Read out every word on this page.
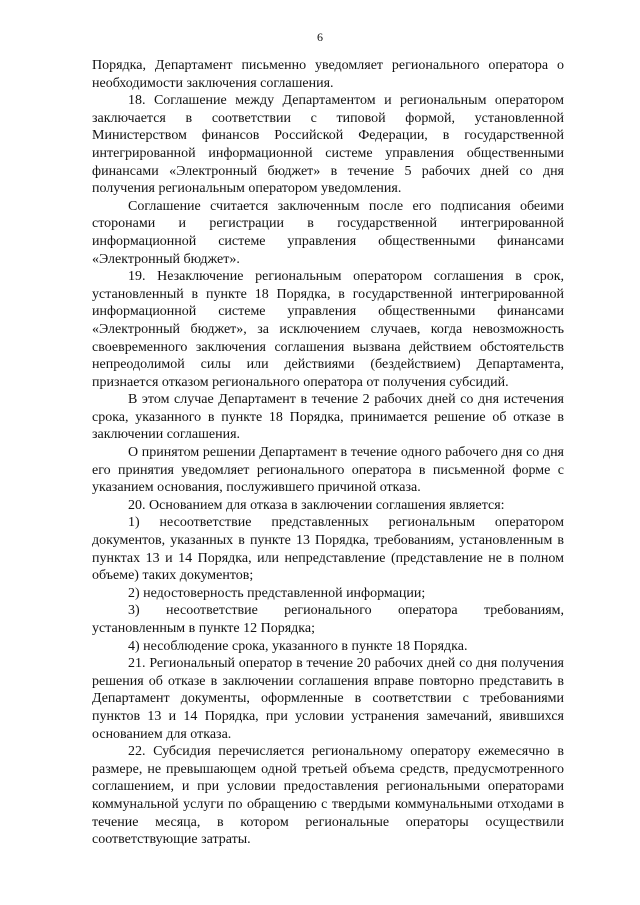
6

Порядка, Департамент письменно уведомляет регионального оператора о необходимости заключения соглашения.

18. Соглашение между Департаментом и региональным оператором заключается в соответствии с типовой формой, установленной Министерством финансов Российской Федерации, в государственной интегрированной информационной системе управления общественными финансами «Электронный бюджет» в течение 5 рабочих дней со дня получения региональным оператором уведомления.

Соглашение считается заключенным после его подписания обеими сторонами и регистрации в государственной интегрированной информационной системе управления общественными финансами «Электронный бюджет».

19. Незаключение региональным оператором соглашения в срок, установленный в пункте 18 Порядка, в государственной интегрированной информационной системе управления общественными финансами «Электронный бюджет», за исключением случаев, когда невозможность своевременного заключения соглашения вызвана действием обстоятельств непреодолимой силы или действиями (бездействием) Департамента, признается отказом регионального оператора от получения субсидий.

В этом случае Департамент в течение 2 рабочих дней со дня истечения срока, указанного в пункте 18 Порядка, принимается решение об отказе в заключении соглашения.

О принятом решении Департамент в течение одного рабочего дня со дня его принятия уведомляет регионального оператора в письменной форме с указанием основания, послужившего причиной отказа.

20. Основанием для отказа в заключении соглашения является:

1) несоответствие представленных региональным оператором документов, указанных в пункте 13 Порядка, требованиям, установленным в пунктах 13 и 14 Порядка, или непредставление (представление не в полном объеме) таких документов;

2) недостоверность представленной информации;

3) несоответствие регионального оператора требованиям, установленным в пункте 12 Порядка;

4) несоблюдение срока, указанного в пункте 18 Порядка.

21. Региональный оператор в течение 20 рабочих дней со дня получения решения об отказе в заключении соглашения вправе повторно представить в Департамент документы, оформленные в соответствии с требованиями пунктов 13 и 14 Порядка, при условии устранения замечаний, явившихся основанием для отказа.

22. Субсидия перечисляется региональному оператору ежемесячно в размере, не превышающем одной третьей объема средств, предусмотренного соглашением, и при условии предоставления региональными операторами коммунальной услуги по обращению с твердыми коммунальными отходами в течение месяца, в котором региональные операторы осуществили соответствующие затраты.
